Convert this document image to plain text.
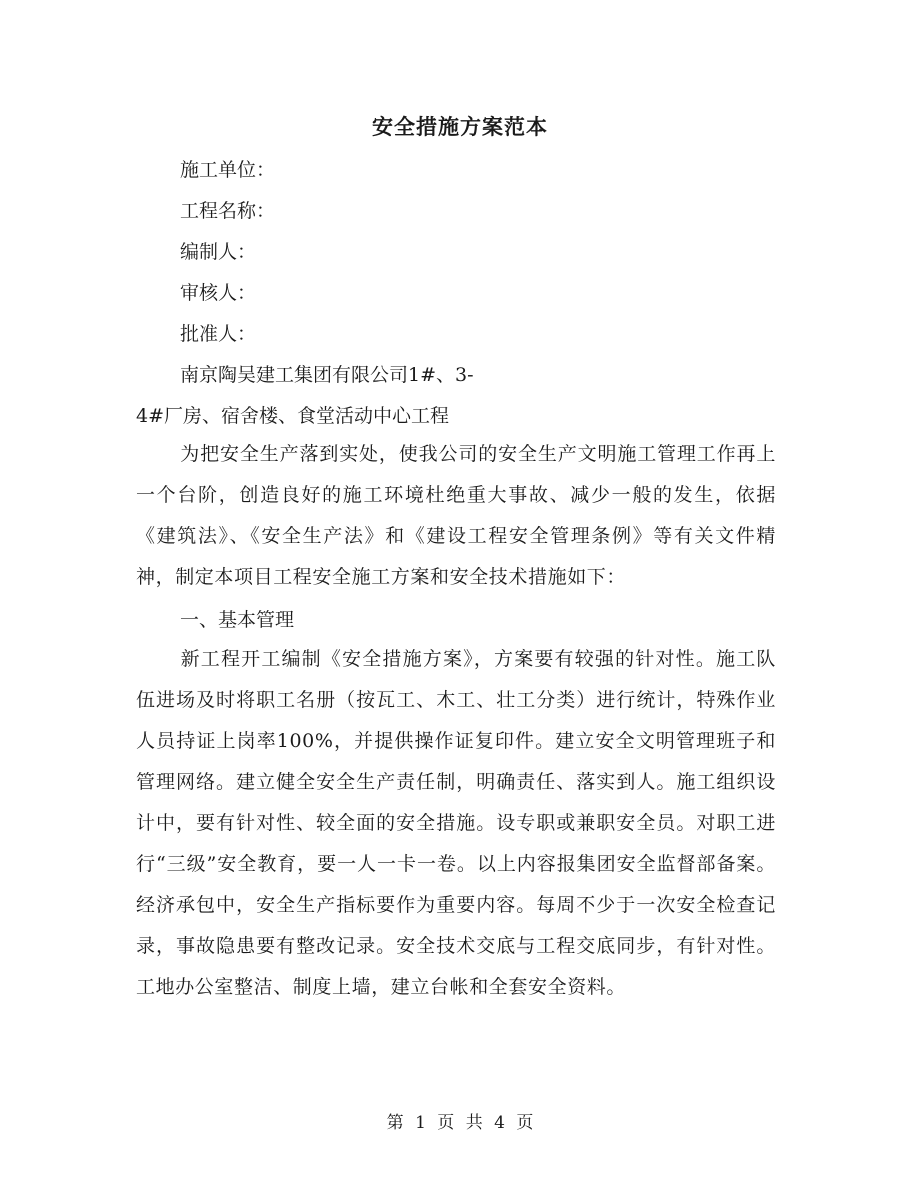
安全措施方案范本
施工单位：
工程名称：
编制人：
审核人：
批准人：
南京陶吴建工集团有限公司1#、3-
4#厂房、宿舍楼、食堂活动中心工程
为把安全生产落到实处，使我公司的安全生产文明施工管理工作再上一个台阶，创造良好的施工环境杜绝重大事故、减少一般的发生，依据《建筑法》、《安全生产法》和《建设工程安全管理条例》等有关文件精神，制定本项目工程安全施工方案和安全技术措施如下：
一、基本管理
新工程开工编制《安全措施方案》，方案要有较强的针对性。施工队伍进场及时将职工名册（按瓦工、木工、壮工分类）进行统计，特殊作业人员持证上岗率100%，并提供操作证复印件。建立安全文明管理班子和管理网络。建立健全安全生产责任制，明确责任、落实到人。施工组织设计中，要有针对性、较全面的安全措施。设专职或兼职安全员。对职工进行“三级”安全教育，要一人一卡一卷。以上内容报集团安全监督部备案。经济承包中，安全生产指标要作为重要内容。每周不少于一次安全检查记录，事故隐患要有整改记录。安全技术交底与工程交底同步，有针对性。工地办公室整洁、制度上墙，建立台帐和全套安全资料。
第 1 页 共 4 页
